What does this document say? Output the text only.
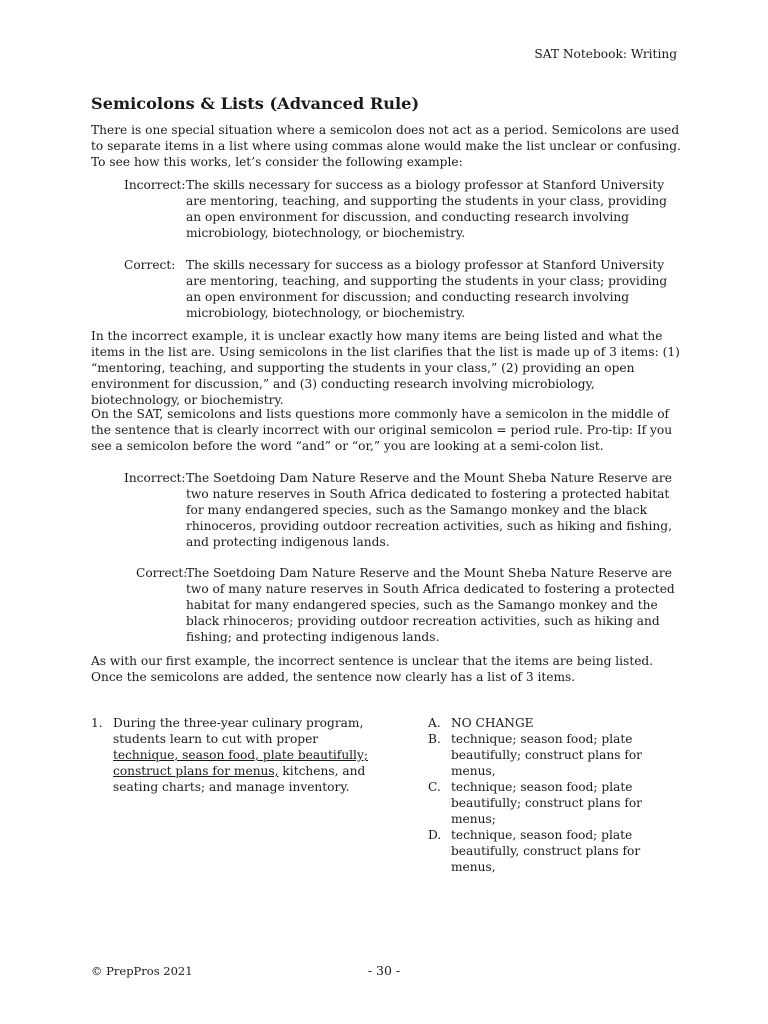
SAT Notebook: Writing
Semicolons & Lists (Advanced Rule)

There is one special situation where a semicolon does not act as a period. Semicolons are used to separate items in a list where using commas alone would make the list unclear or confusing. To see how this works, let’s consider the following example:

Incorrect: The skills necessary for success as a biology professor at Stanford University are mentoring, teaching, and supporting the students in your class, providing an open environment for discussion, and conducting research involving microbiology, biotechnology, or biochemistry.
Correct: The skills necessary for success as a biology professor at Stanford University are mentoring, teaching, and supporting the students in your class; providing an open environment for discussion; and conducting research involving microbiology, biotechnology, or biochemistry.

In the incorrect example, it is unclear exactly how many items are being listed and what the items in the list are. Using semicolons in the list clarifies that the list is made up of 3 items: (1) “mentoring, teaching, and supporting the students in your class,” (2) providing an open environment for discussion,” and (3) conducting research involving microbiology, biotechnology, or biochemistry.

On the SAT, semicolons and lists questions more commonly have a semicolon in the middle of the sentence that is clearly incorrect with our original semicolon = period rule. Pro-tip: If you see a semicolon before the word “and” or “or,” you are looking at a semi-colon list.

Incorrect: The Soetdoing Dam Nature Reserve and the Mount Sheba Nature Reserve are two nature reserves in South Africa dedicated to fostering a protected habitat for many endangered species, such as the Samango monkey and the black rhinoceros, providing outdoor recreation activities, such as hiking and fishing, and protecting indigenous lands.
Correct:
The Soetdoing Dam Nature Reserve and the Mount Sheba Nature Reserve are two of many nature reserves in South Africa dedicated to fostering a protected habitat for many endangered species, such as the Samango monkey and the black rhinoceros; providing outdoor recreation activities, such as hiking and fishing; and protecting indigenous lands.

As with our first example, the incorrect sentence is unclear that the items are being listed. Once the semicolons are added, the sentence now clearly has a list of 3 items.

1. During the three-year culinary program, students learn to cut with proper technique, season food, plate beautifully; construct plans for menus, kitchens, and seating charts; and manage inventory.
A. NO CHANGE
B. technique; season food; plate beautifully; construct plans for menus,
C. technique; season food; plate beautifully; construct plans for menus;
D. technique, season food; plate beautifully, construct plans for menus,
© PrepPros 2021	- 30 -
